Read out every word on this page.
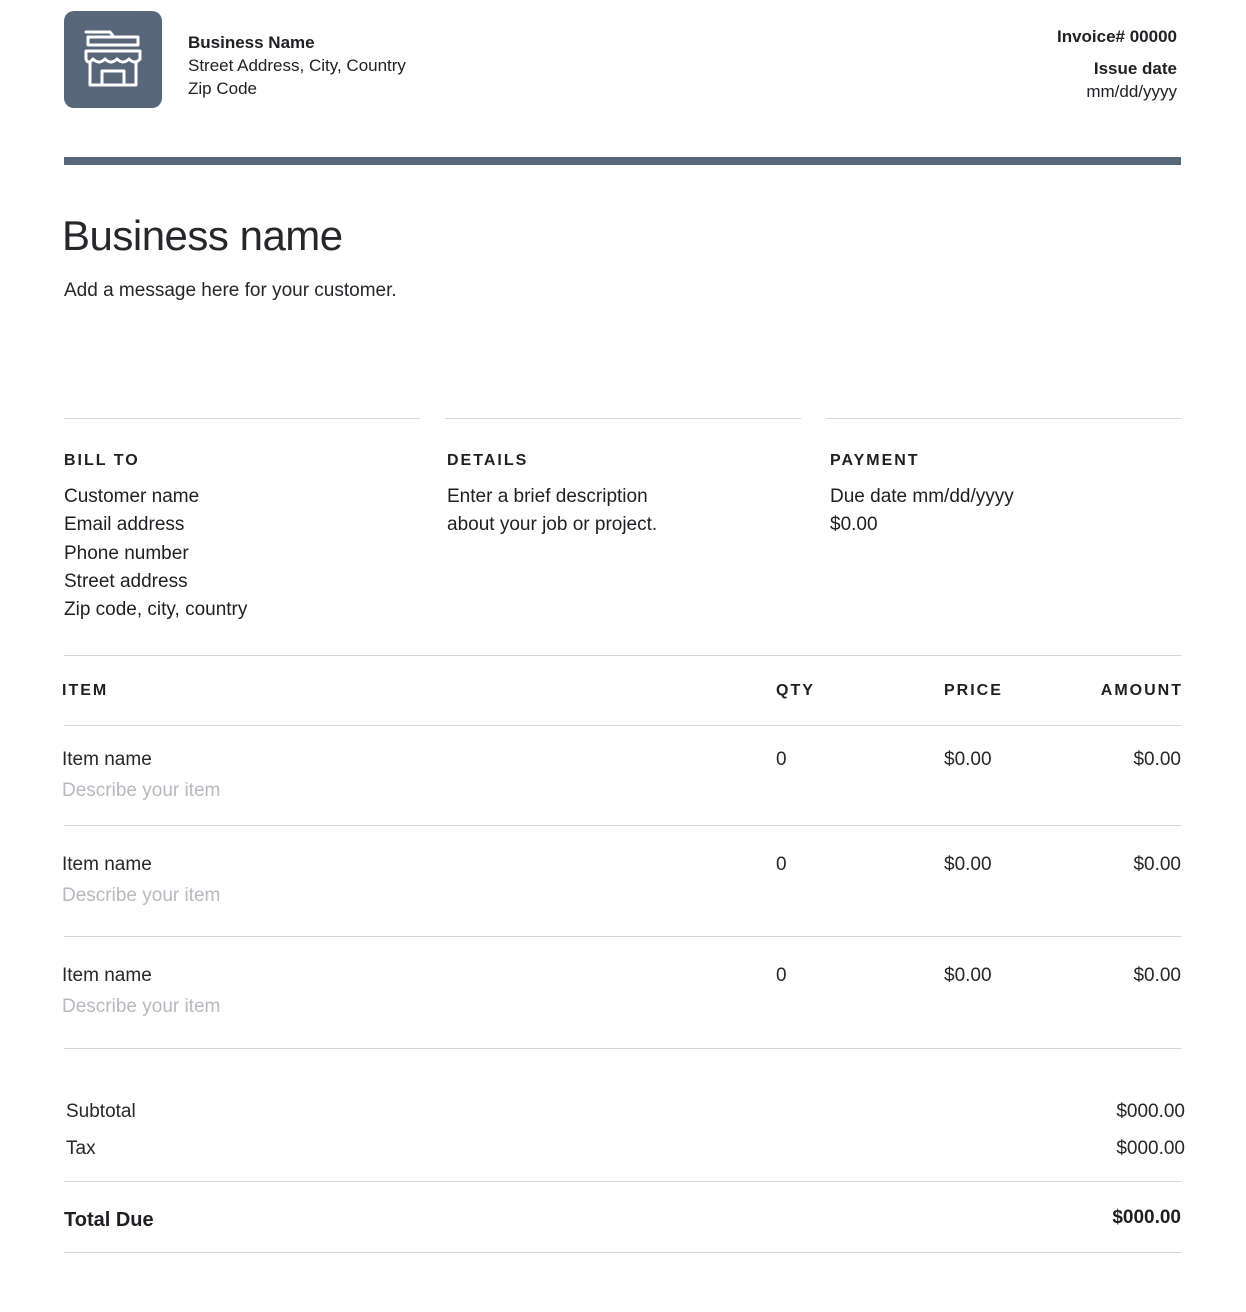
Business Name
Street Address, City, Country
Zip Code
Invoice# 00000
Issue date
mm/dd/yyyy
Business name
Add a message here for your customer.
BILL TO
Customer name
Email address
Phone number
Street address
Zip code, city, country
DETAILS
Enter a brief description
about your job or project.
PAYMENT
Due date mm/dd/yyyy
$0.00
ITEM	QTY	PRICE	AMOUNT
Item name
Describe your item
0	$0.00	$0.00
Item name
Describe your item
0	$0.00	$0.00
Item name
Describe your item
0	$0.00	$0.00
Subtotal	$000.00
Tax	$000.00
Total Due	$000.00
